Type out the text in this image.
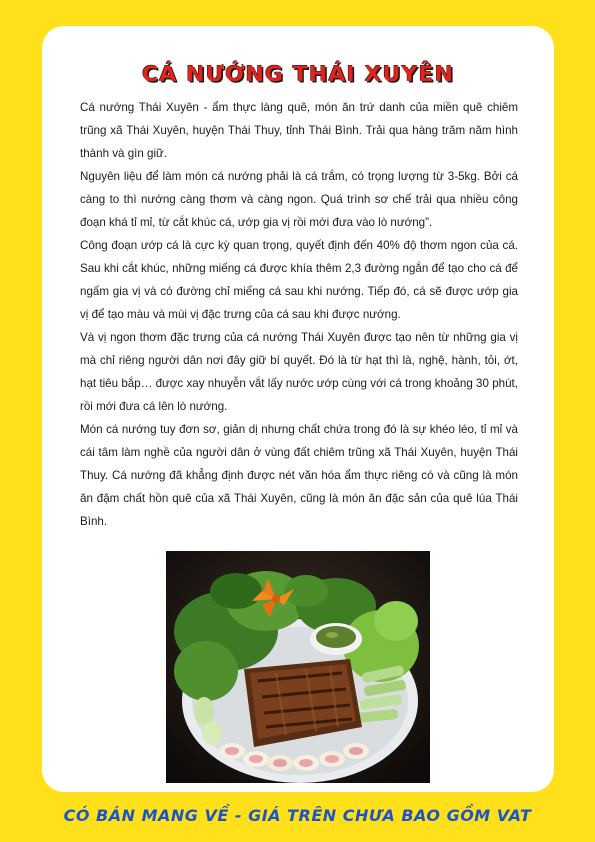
CÁ NƯỚNG THÁI XUYÊN

Cá nướng Thái Xuyên - ẩm thực làng quê, món ăn trứ danh của miền quê chiêm trũng xã Thái Xuyên, huyện Thái Thuy, tỉnh Thái Bình. Trải qua hàng trăm năm hình thành và gìn giữ.

Nguyên liệu để làm món cá nướng phải là cá trắm, có trọng lượng từ 3-5kg. Bởi cá càng to thì nướng càng thơm và càng ngon. Quá trình sơ chế trải qua nhiều công đoạn khá tỉ mỉ, từ cắt khúc cá, ướp gia vị rồi mới đưa vào lò nướng”.

Công đoạn ướp cá là cực kỳ quan trọng, quyết định đến 40% độ thơm ngon của cá. Sau khi cắt khúc, những miếng cá được khía thêm 2,3 đường ngắn để tạo cho cá để ngấm gia vị và có đường chỉ miếng cá sau khi nướng. Tiếp đó, cá sẽ được ướp gia vị để tạo màu và mùi vị đặc trưng của cá sau khi được nướng.

Và vị ngon thơm đặc trưng của cá nướng Thái Xuyên được tạo nên từ những gia vị mà chỉ riêng người dân nơi đây giữ bí quyết. Đó là từ hạt thì là, nghệ, hành, tỏi, ớt, hạt tiêu bắp… được xay nhuyễn vắt lấy nước ướp cùng với cá trong khoảng 30 phút, rồi mới đưa cá lên lò nướng.

Món cá nướng tuy đơn sơ, giản dị nhưng chất chứa trong đó là sự khéo léo, tỉ mỉ và cái tâm làm nghề của người dân ở vùng đất chiêm trũng xã Thái Xuyên, huyện Thái Thuy. Cá nướng đã khẳng định được nét văn hóa ẩm thực riêng có và cũng là món ăn đậm chất hồn quê của xã Thái Xuyên, cũng là món ăn đặc sản của quê lúa Thái Bình.

CÓ BÁN MANG VỀ - GIÁ TRÊN CHƯA BAO GỒM VAT
